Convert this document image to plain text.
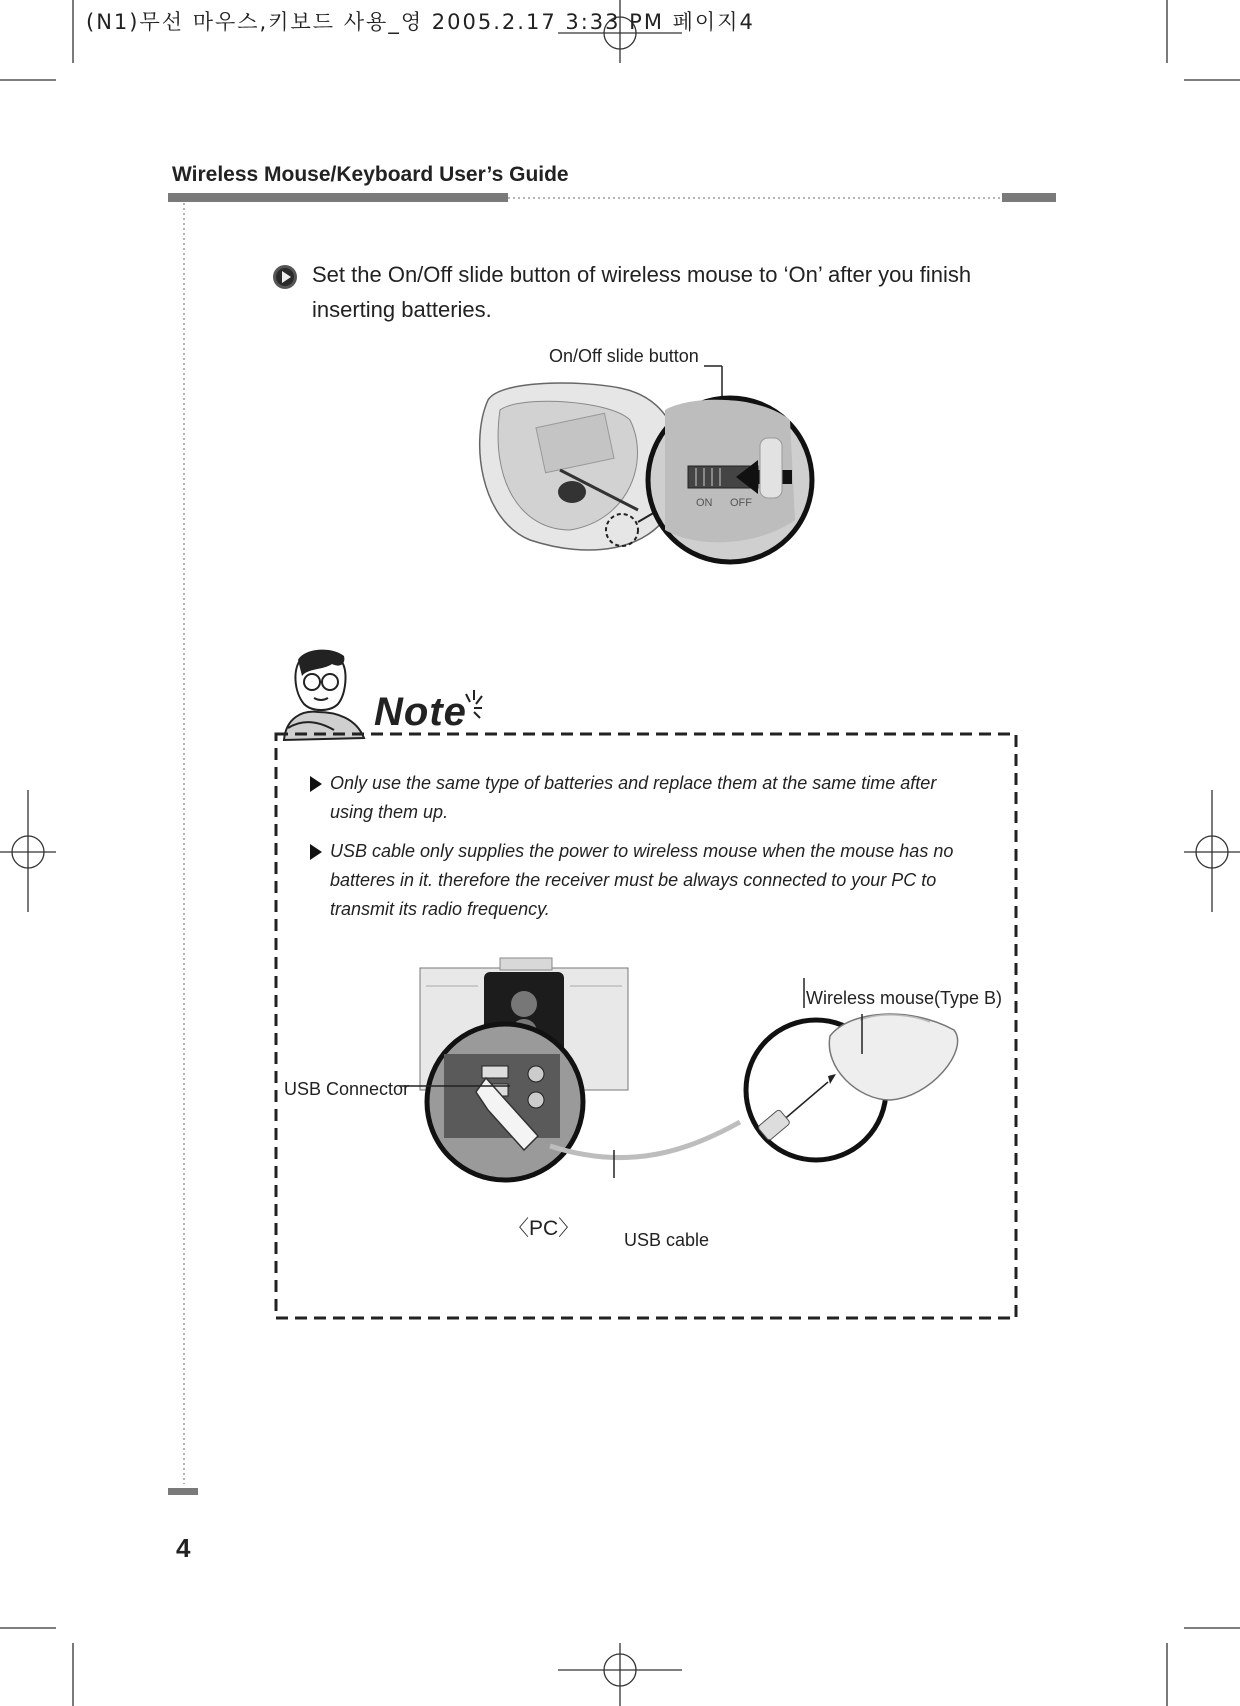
(N1)무선 마우스,키보드 사용_영 2005.2.17 3:33 PM 페이지4
Wireless Mouse/Keyboard User’s Guide
Set the On/Off slide button of wireless mouse to ‘On’ after you finish inserting batteries.
ON OFF
On/Off slide button
Note
Only use the same type of batteries and replace them at the same time after using them up.
USB cable only supplies the power to wireless mouse when the mouse has no batteres in it. therefore the receiver must be always connected to your PC to transmit its radio frequency.
USB Connector
Wireless mouse(Type B)
USB cable
〈PC〉
4
